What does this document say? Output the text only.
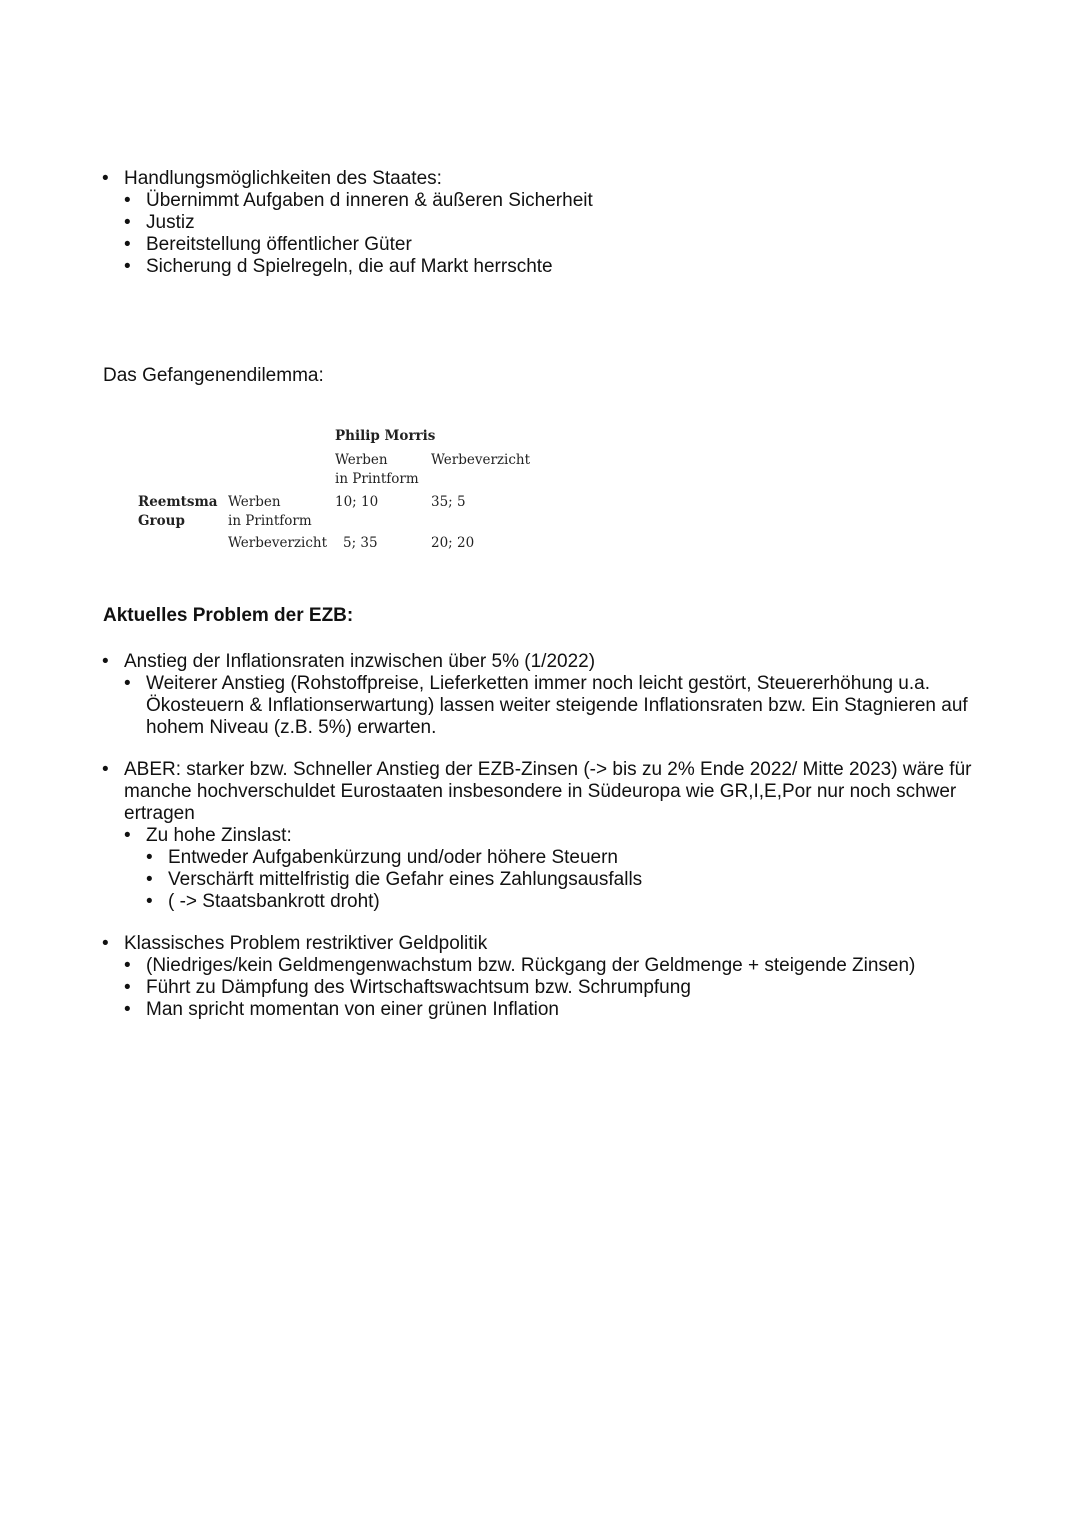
• Handlungsmöglichkeiten des Staates:
• Übernimmt Aufgaben d inneren & äußeren Sicherheit
• Justiz
• Bereitstellung öffentlicher Güter
• Sicherung d Spielregeln, die auf Markt herrschte
Das Gefangenendilemma:
Philip Morris
Werben
in Printform
Werbeverzicht
Reemtsma
Group
Werben
in Printform
Werbeverzicht
10; 10	35; 5
5; 35	20; 20
Aktuelles Problem der EZB:
• Anstieg der Inflationsraten inzwischen über 5% (1/2022)
• Weiterer Anstieg (Rohstoffpreise, Lieferketten immer noch leicht gestört, Steuererhöhung u.a. Ökosteuern & Inflationserwartung) lassen weiter steigende Inflationsraten bzw. Ein Stagnieren auf hohem Niveau (z.B. 5%) erwarten.
• ABER: starker bzw. Schneller Anstieg der EZB-Zinsen (-> bis zu 2% Ende 2022/ Mitte 2023) wäre für manche hochverschuldet Eurostaaten insbesondere in Südeuropa wie GR,I,E,Por nur noch schwer ertragen
• Zu hohe Zinslast:
• Entweder Aufgabenkürzung und/oder höhere Steuern
• Verschärft mittelfristig die Gefahr eines Zahlungsausfalls
• ( -> Staatsbankrott droht)
• Klassisches Problem restriktiver Geldpolitik
• (Niedriges/kein Geldmengenwachstum bzw. Rückgang der Geldmenge + steigende Zinsen)
• Führt zu Dämpfung des Wirtschaftswachtsum bzw. Schrumpfung
• Man spricht momentan von einer grünen Inflation
